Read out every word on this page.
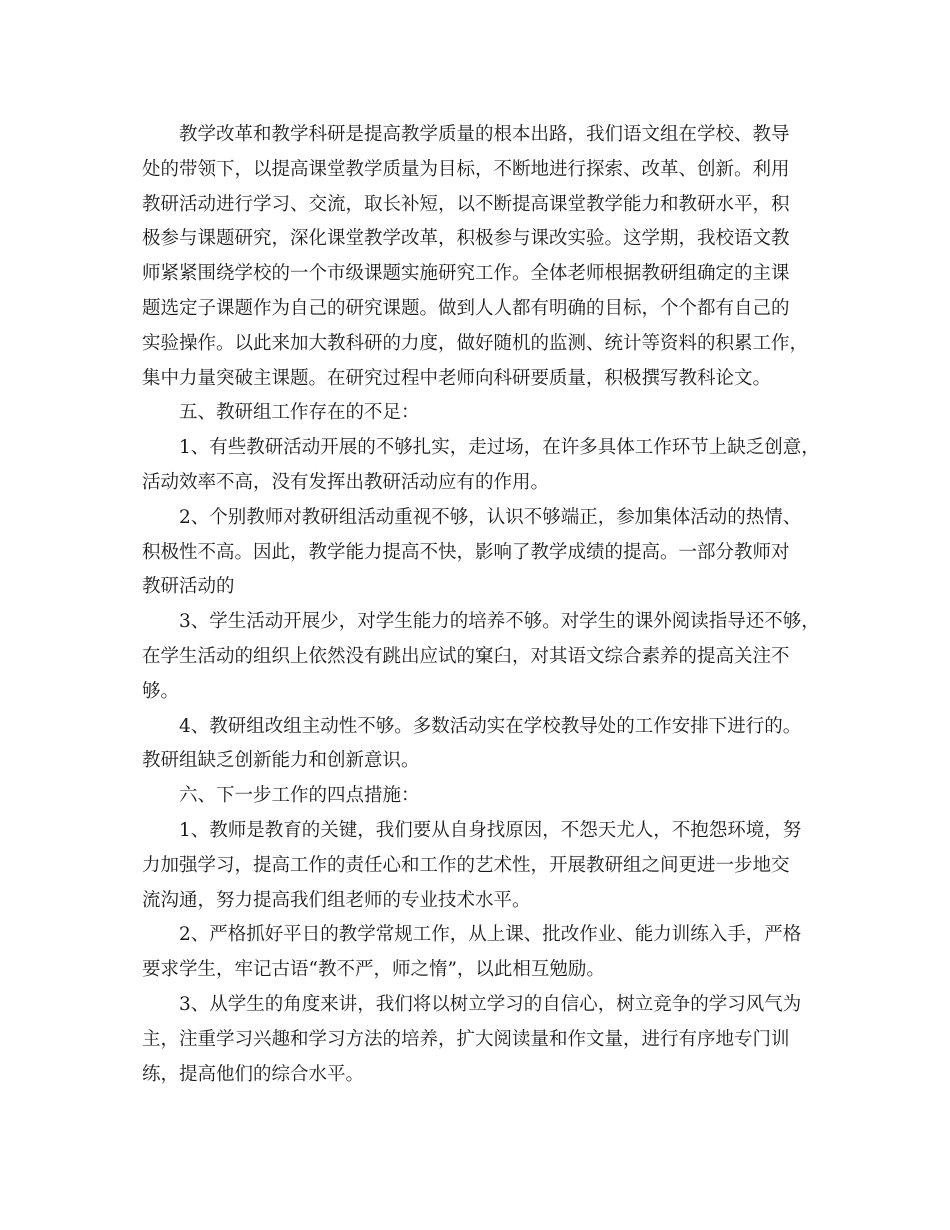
教学改革和教学科研是提高教学质量的根本出路，我们语文组在学校、教导
处的带领下，以提高课堂教学质量为目标，不断地进行探索、改革、创新。利用
教研活动进行学习、交流，取长补短，以不断提高课堂教学能力和教研水平，积
极参与课题研究，深化课堂教学改革，积极参与课改实验。这学期，我校语文教
师紧紧围绕学校的一个市级课题实施研究工作。全体老师根据教研组确定的主课
题选定子课题作为自己的研究课题。做到人人都有明确的目标，个个都有自己的
实验操作。以此来加大教科研的力度，做好随机的监测、统计等资料的积累工作，
集中力量突破主课题。在研究过程中老师向科研要质量，积极撰写教科论文。
五、教研组工作存在的不足：
1、有些教研活动开展的不够扎实，走过场，在许多具体工作环节上缺乏创意，
活动效率不高，没有发挥出教研活动应有的作用。
2、个别教师对教研组活动重视不够，认识不够端正，参加集体活动的热情、
积极性不高。因此，教学能力提高不快，影响了教学成绩的提高。一部分教师对
教研活动的
3、学生活动开展少，对学生能力的培养不够。对学生的课外阅读指导还不够，
在学生活动的组织上依然没有跳出应试的窠臼，对其语文综合素养的提高关注不
够。
4、教研组改组主动性不够。多数活动实在学校教导处的工作安排下进行的。
教研组缺乏创新能力和创新意识。
六、下一步工作的四点措施：
1、教师是教育的关键，我们要从自身找原因，不怨天尤人，不抱怨环境，努
力加强学习，提高工作的责任心和工作的艺术性，开展教研组之间更进一步地交
流沟通，努力提高我们组老师的专业技术水平。
2、严格抓好平日的教学常规工作，从上课、批改作业、能力训练入手，严格
要求学生，牢记古语“教不严，师之惰”，以此相互勉励。
3、从学生的角度来讲，我们将以树立学习的自信心，树立竞争的学习风气为
主，注重学习兴趣和学习方法的培养，扩大阅读量和作文量，进行有序地专门训
练，提高他们的综合水平。
